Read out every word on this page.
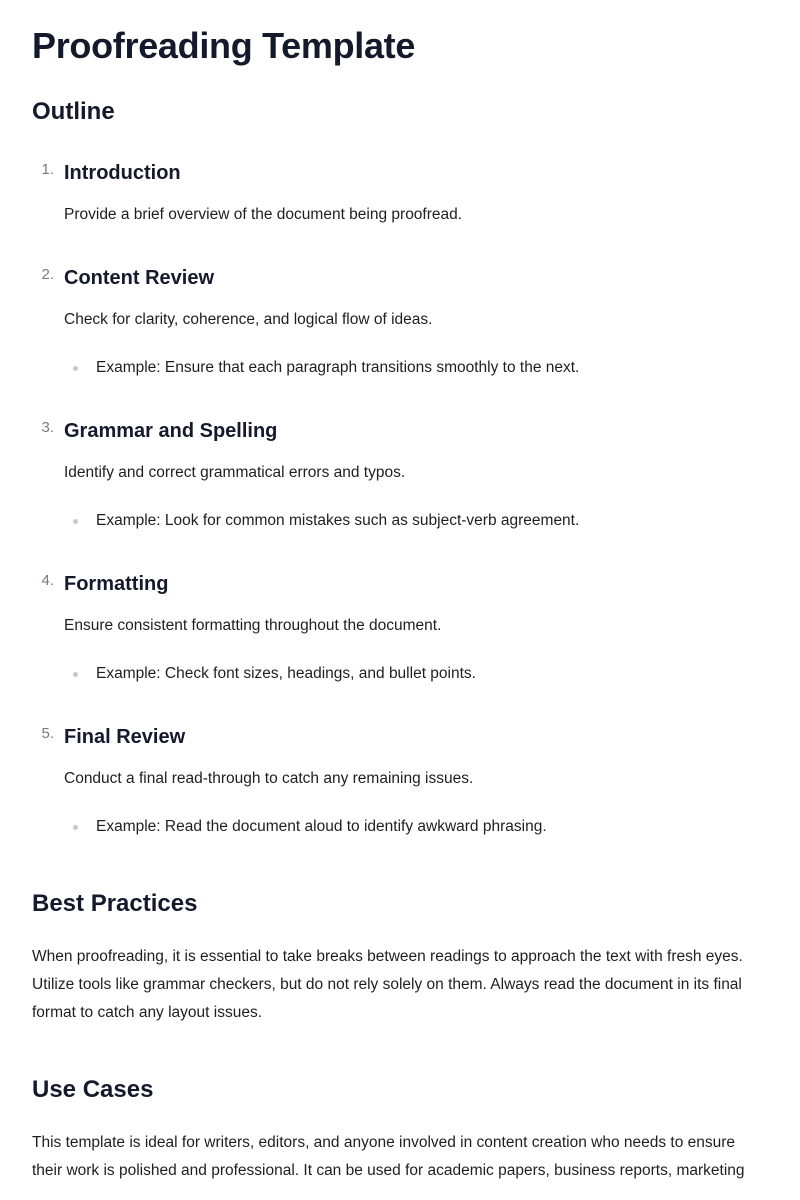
Proofreading Template
Outline
1. Introduction

Provide a brief overview of the document being proofread.

2. Content Review

Check for clarity, coherence, and logical flow of ideas.

Example: Ensure that each paragraph transitions smoothly to the next.
3. Grammar and Spelling

Identify and correct grammatical errors and typos.

Example: Look for common mistakes such as subject-verb agreement.
4. Formatting

Ensure consistent formatting throughout the document.

Example: Check font sizes, headings, and bullet points.
5. Final Review

Conduct a final read-through to catch any remaining issues.

Example: Read the document aloud to identify awkward phrasing.
Best Practices

When proofreading, it is essential to take breaks between readings to approach the text with fresh eyes. Utilize tools like grammar checkers, but do not rely solely on them. Always read the document in its final format to catch any layout issues.

Use Cases

This template is ideal for writers, editors, and anyone involved in content creation who needs to ensure their work is polished and professional. It can be used for academic papers, business reports, marketing
